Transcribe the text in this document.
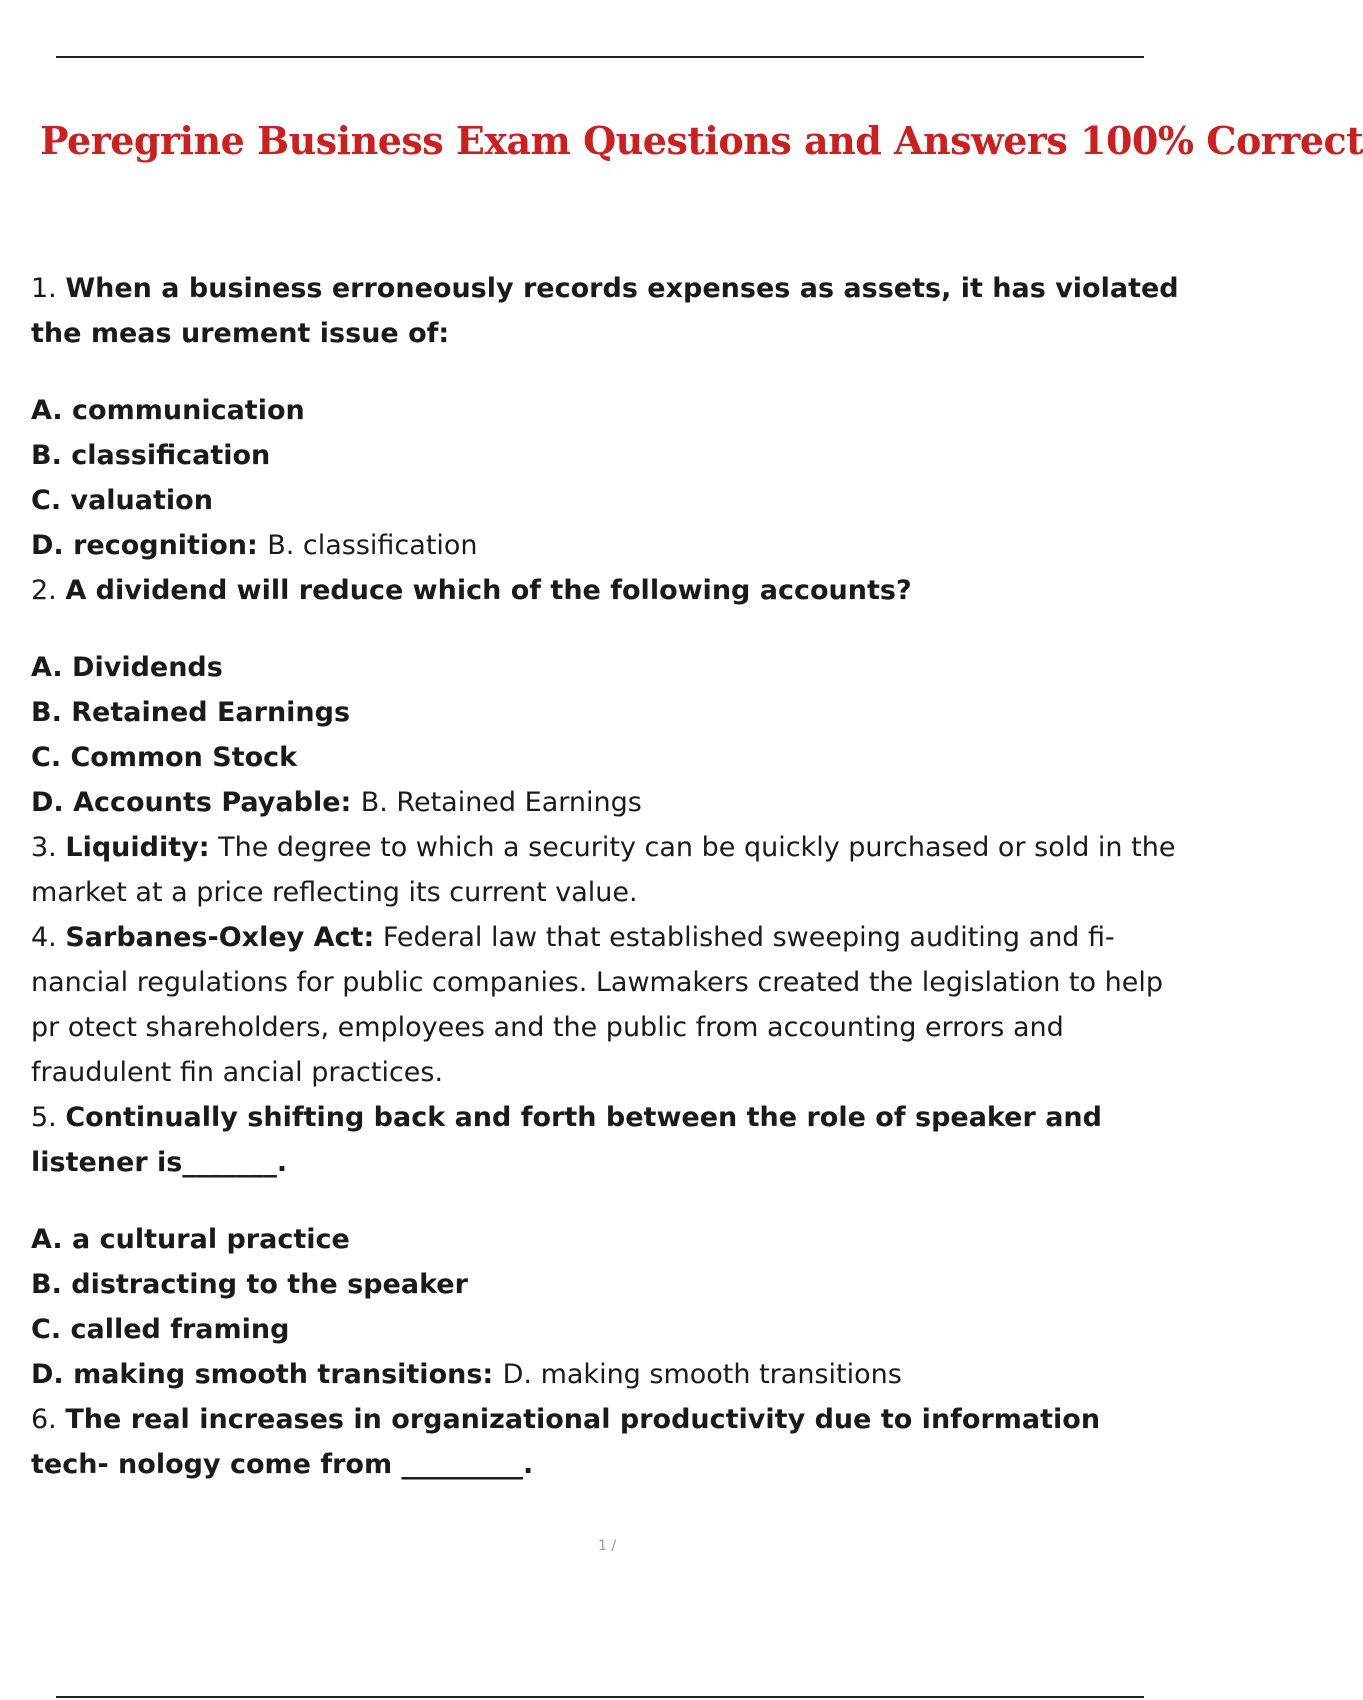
Peregrine Business Exam Questions and Answers 100% Correct

1. When a business erroneously records expenses as assets, it has violated the meas urement issue of:

A. communication

B. classification

C. valuation

D. recognition: B. classification

2. A dividend will reduce which of the following accounts?

A. Dividends

B. Retained Earnings

C. Common Stock

D. Accounts Payable: B. Retained Earnings

3. Liquidity: The degree to which a security can be quickly purchased or sold in the market at a price reflecting its current value.

4. Sarbanes-Oxley Act: Federal law that established sweeping auditing and fi- nancial regulations for public companies. Lawmakers created the legislation to help pr otect shareholders, employees and the public from accounting errors and fraudulent fin ancial practices.

5. Continually shifting back and forth between the role of speaker and listener is_______.

A. a cultural practice

B. distracting to the speaker

C. called framing

D. making smooth transitions: D. making smooth transitions

6. The real increases in organizational productivity due to information tech- nology come from _________.

1 /
